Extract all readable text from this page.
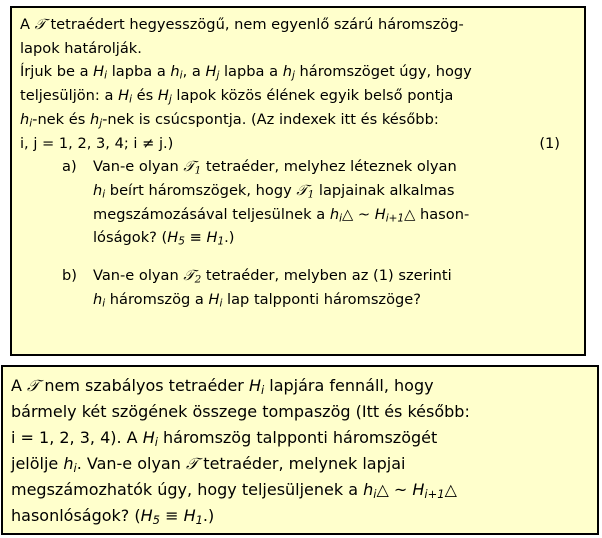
A 𝒯 tetraédert hegyesszögű, nem egyenlő szárú háromszög-
lapok határolják.
Írjuk be a $H_i$ lapba a $h_i$, a $H_j$ lapba a $h_j$ háromszöget úgy, hogy
teljesüljön: a $H_i$ és $H_j$ lapok közös élének egyik belső pontja
$h_i$-nek és $h_j$-nek is csúcspontja. (Az indexek itt és később:
i, j = 1, 2, 3, 4; i ≠ j.)	(1)
a) Van-e olyan 𝒯$_1$ tetraéder, melyhez léteznek olyan
$h_i$ beírt háromszögek, hogy 𝒯$_1$ lapjainak alkalmas
megszámozásával teljesülnek a $h_i\triangle$ ~ $H_{i+1}\triangle$ hason-
lóságok? $(H_5 \equiv H_1.)$
b) Van-e olyan 𝒯$_2$ tetraéder, melyben az (1) szerinti
$h_i$ háromszög a $H_i$ lap talpponti háromszöge?
A 𝒯 nem szabályos tetraéder $H_i$ lapjára fennáll, hogy
bármely két szögének összege tompaszög (Itt és később:
i = 1, 2, 3, 4). A $H_i$ háromszög talpponti háromszögét
jelölje $h_i$. Van-e olyan 𝒯 tetraéder, melynek lapjai
megszámozhatók úgy, hogy teljesüljenek a $h_i\triangle$ ~ $H_{i+1}\triangle$
hasonlóságok? $(H_5 \equiv H_1.)$
